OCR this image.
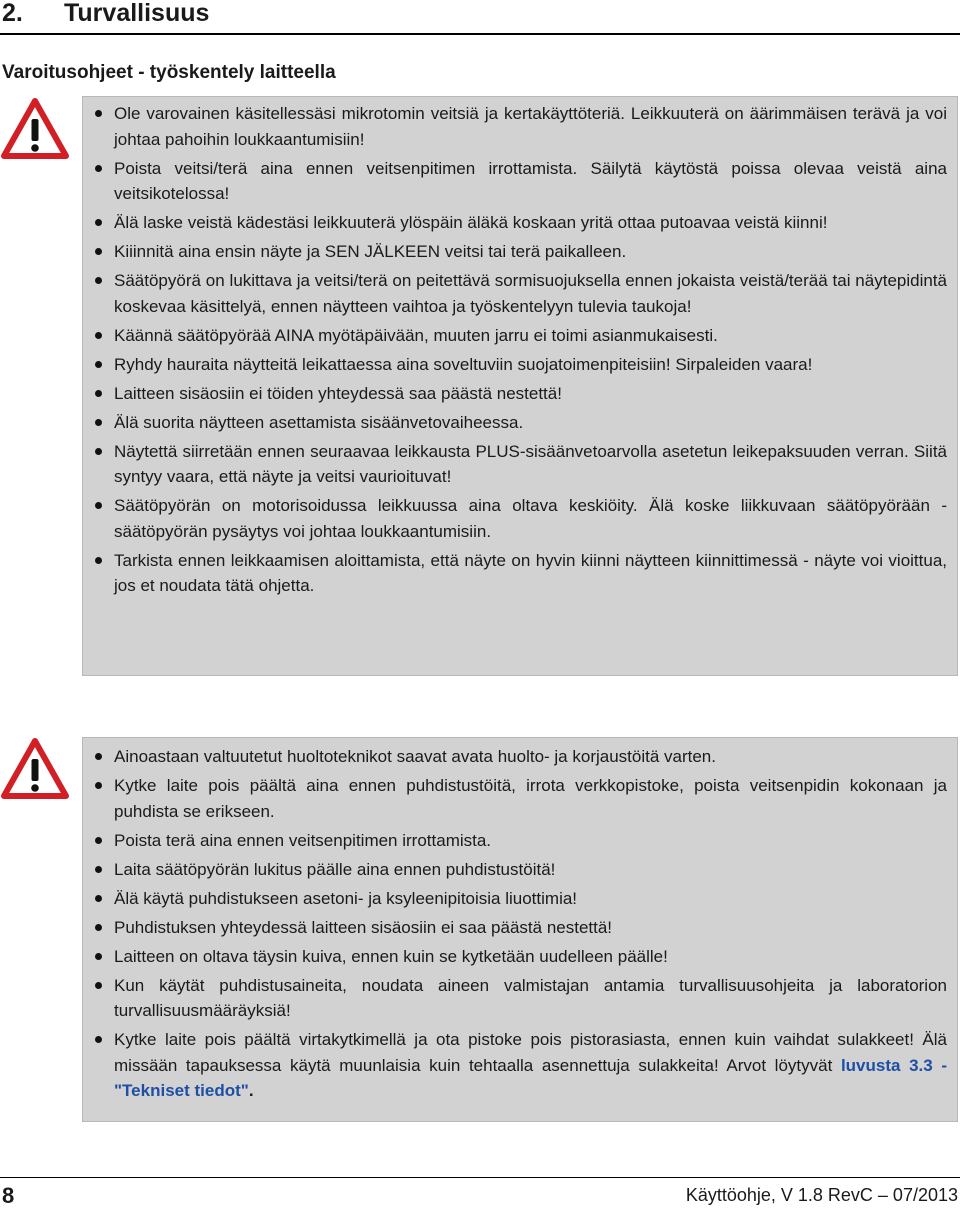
2. Turvallisuus
Varoitusohjeet - työskentely laitteella
Ole varovainen käsitellessäsi mikrotomin veitsiä ja kertakäyttöteriä. Leikkuuterä on äärimmäisen terävä ja voi johtaa pahoihin loukkaantumisiin!
Poista veitsi/terä aina ennen veitsenpitimen irrottamista. Säilytä käytöstä poissa olevaa veistä aina veitsikotelossa!
Älä laske veistä kädestäsi leikkuuterä ylöspäin äläkä koskaan yritä ottaa putoavaa veistä kiinni!
Kiiinnitä aina ensin näyte ja SEN JÄLKEEN veitsi tai terä paikalleen.
Säätöpyörä on lukittava ja veitsi/terä on peitettävä sormisuojuksella ennen jokaista veistä/terää tai näytepidintä koskevaa käsittelyä, ennen näytteen vaihtoa ja työskentelyyn tulevia taukoja!
Käännä säätöpyörää AINA myötäpäivään, muuten jarru ei toimi asianmukaisesti.
Ryhdy hauraita näytteitä leikattaessa aina soveltuviin suojatoimenpiteisiin! Sirpaleiden vaara!
Laitteen sisäosiin ei töiden yhteydessä saa päästä nestettä!
Älä suorita näytteen asettamista sisäänvetovaiheessa.
Näytettä siirretään ennen seuraavaa leikkausta PLUS-sisäänvetoarvolla asetetun leikepaksuuden verran. Siitä syntyy vaara, että näyte ja veitsi vaurioituvat!
Säätöpyörän on motorisoidussa leikkuussa aina oltava keskiöity. Älä koske liikkuvaan säätöpyörään - säätöpyörän pysäytys voi johtaa loukkaantumisiin.
Tarkista ennen leikkaamisen aloittamista, että näyte on hyvin kiinni näytteen kiinnittimessä - näyte voi vioittua, jos et noudata tätä ohjetta.
Ainoastaan valtuutetut huoltoteknikot saavat avata huolto- ja korjaustöitä varten.
Kytke laite pois päältä aina ennen puhdistustöitä, irrota verkkopistoke, poista veitsenpidin kokonaan ja puhdista se erikseen.
Poista terä aina ennen veitsenpitimen irrottamista.
Laita säätöpyörän lukitus päälle aina ennen puhdistustöitä!
Älä käytä puhdistukseen asetoni- ja ksyleenipitoisia liuottimia!
Puhdistuksen yhteydessä laitteen sisäosiin ei saa päästä nestettä!
Laitteen on oltava täysin kuiva, ennen kuin se kytketään uudelleen päälle!
Kun käytät puhdistusaineita, noudata aineen valmistajan antamia turvallisuusohjeita ja laboratorion turvallisuusmääräyksiä!
Kytke laite pois päältä virtakytkimellä ja ota pistoke pois pistorasiasta, ennen kuin vaihdat sulakkeet! Älä missään tapauksessa käytä muunlaisia kuin tehtaalla asennettuja sulakkeita! Arvot löytyvät luvusta 3.3 - "Tekniset tiedot".
8	Käyttöohje, V 1.8 RevC – 07/2013
